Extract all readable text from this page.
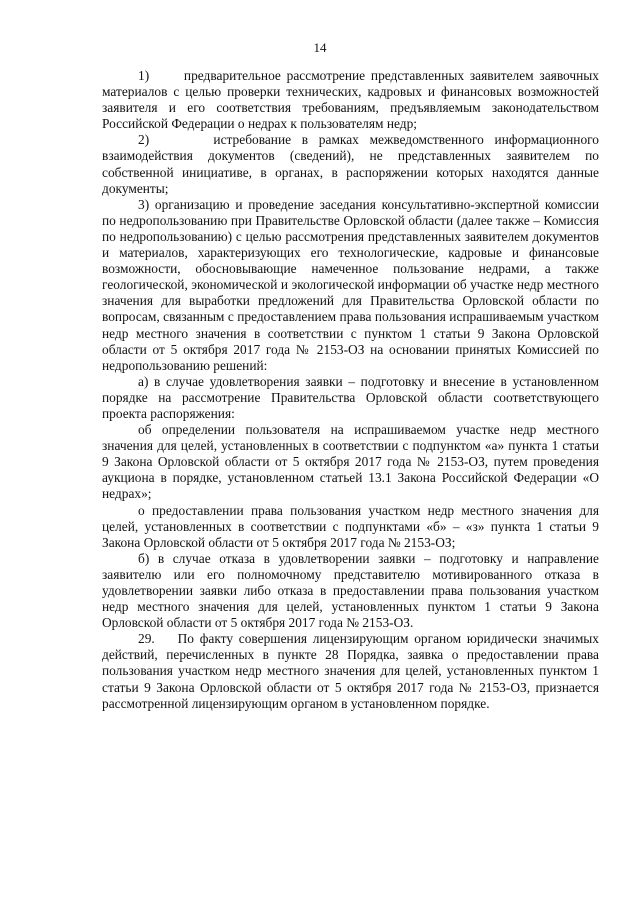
14

1)      предварительное рассмотрение представленных заявителем заявочных материалов с целью проверки технических, кадровых и финансовых возможностей заявителя и его соответствия требованиям, предъявляемым законодательством Российской Федерации о недрах к пользователям недр;

2)      истребование в рамках межведомственного информационного взаимодействия документов (сведений), не представленных заявителем по собственной инициативе, в органах, в распоряжении которых находятся данные документы;

3) организацию и проведение заседания консультативно-экспертной комиссии по недропользованию при Правительстве Орловской области (далее также – Комиссия по недропользованию) с целью рассмотрения представленных заявителем документов и материалов, характеризующих его технологические, кадровые и финансовые возможности, обосновывающие намеченное пользование недрами, а также геологической, экономической и экологической информации об участке недр местного значения для выработки предложений для Правительства Орловской области по вопросам, связанным с предоставлением права пользования испрашиваемым участком недр местного значения в соответствии с пунктом 1 статьи 9 Закона Орловской области от 5 октября 2017 года № 2153-ОЗ на основании принятых Комиссией по недропользованию решений:

а) в случае удовлетворения заявки – подготовку и внесение в установленном порядке на рассмотрение Правительства Орловской области соответствующего проекта распоряжения:

об определении пользователя на испрашиваемом участке недр местного значения для целей, установленных в соответствии с подпунктом «а» пункта 1 статьи 9 Закона Орловской области от 5 октября 2017 года № 2153-ОЗ, путем проведения аукциона в порядке, установленном статьей 13.1 Закона Российской Федерации «О недрах»;

о предоставлении права пользования участком недр местного значения для целей, установленных в соответствии с подпунктами «б» – «з» пункта 1 статьи 9 Закона Орловской области от 5 октября 2017 года № 2153-ОЗ;

б) в случае отказа в удовлетворении заявки – подготовку и направление заявителю или его полномочному представителю мотивированного отказа в удовлетворении заявки либо отказа в предоставлении права пользования участком недр местного значения для целей, установленных пунктом 1 статьи 9 Закона Орловской области от 5 октября 2017 года № 2153-ОЗ.

29.    По факту совершения лицензирующим органом юридически значимых действий, перечисленных в пункте 28 Порядка, заявка о предоставлении права пользования участком недр местного значения для целей, установленных пунктом 1 статьи 9 Закона Орловской области от 5 октября 2017 года № 2153-ОЗ, признается рассмотренной лицензирующим органом в установленном порядке.
